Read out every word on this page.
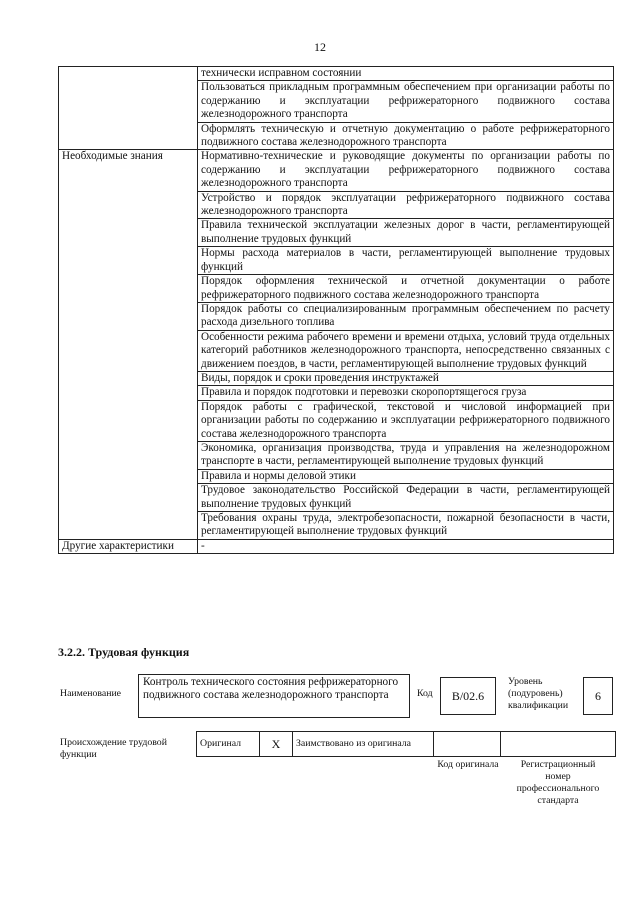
12
	технически исправном состоянии
	Пользоваться прикладным программным обеспечением при организации работы по содержанию и эксплуатации рефрижераторного подвижного состава железнодорожного транспорта
	Оформлять техническую и отчетную документацию о работе рефрижераторного подвижного состава железнодорожного транспорта
Необходимые знания	Нормативно-технические и руководящие документы по организации работы по содержанию и эксплуатации рефрижераторного подвижного состава железнодорожного транспорта
	Устройство и порядок эксплуатации рефрижераторного подвижного состава железнодорожного транспорта
	Правила технической эксплуатации железных дорог в части, регламентирующей выполнение трудовых функций
	Нормы расхода материалов в части, регламентирующей выполнение трудовых функций
	Порядок оформления технической и отчетной документации о работе рефрижераторного подвижного состава железнодорожного транспорта
	Порядок работы со специализированным программным обеспечением по расчету расхода дизельного топлива
	Особенности режима рабочего времени и времени отдыха, условий труда отдельных категорий работников железнодорожного транспорта, непосредственно связанных с движением поездов, в части, регламентирующей выполнение трудовых функций
	Виды, порядок и сроки проведения инструктажей
	Правила и порядок подготовки и перевозки скоропортящегося груза
	Порядок работы с графической, текстовой и числовой информацией при организации работы по содержанию и эксплуатации рефрижераторного подвижного состава железнодорожного транспорта
	Экономика, организация производства, труда и управления на железнодорожном транспорте в части, регламентирующей выполнение трудовых функций
	Правила и нормы деловой этики
	Трудовое законодательство Российской Федерации в части, регламентирующей выполнение трудовых функций
	Требования охраны труда, электробезопасности, пожарной безопасности в части, регламентирующей выполнение трудовых функций
Другие характеристики	-
3.2.2. Трудовая функция
Наименование
Контроль технического состояния рефрижераторного подвижного состава железнодорожного транспорта	Код	B/02.6
Уровень (подуровень) квалификации
6
Происхождение трудовой функции
Оригинал	X	Заимствовано из оригинала		
Код оригинала	Регистрационный номер профессионального стандарта
